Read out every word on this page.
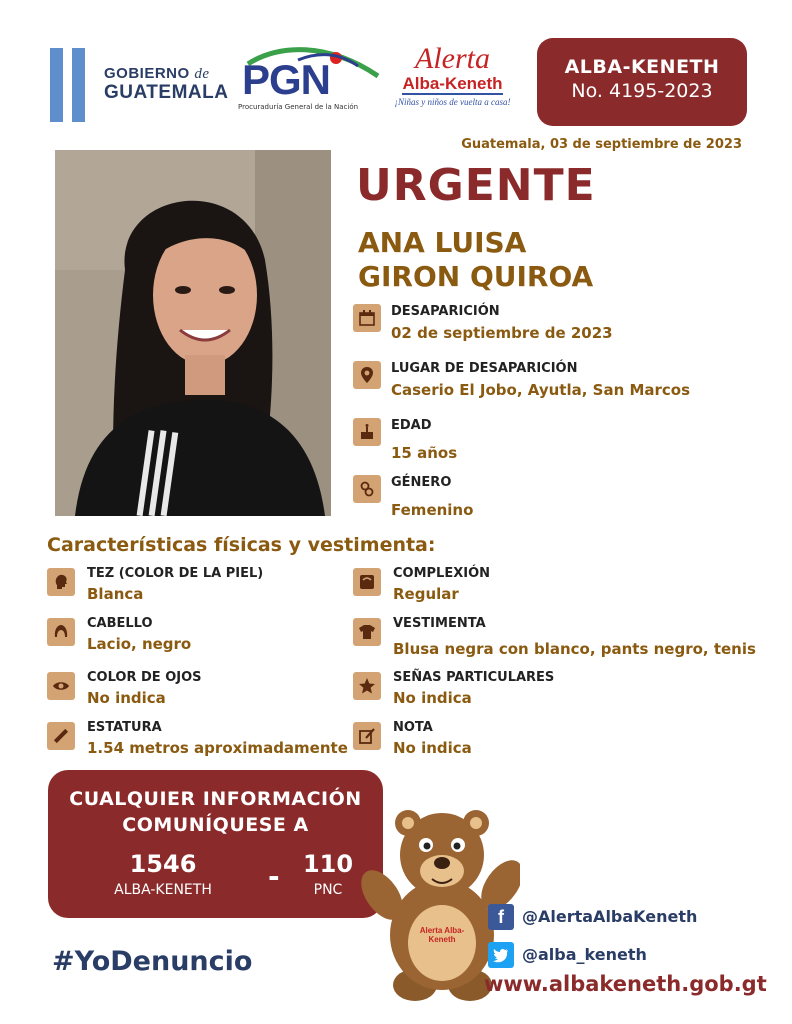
GOBIERNO de
GUATEMALA PGN
Procuraduría General de la Nación
Alerta
Alba-Keneth
¡Niñas y niños de vuelta a casa!
ALBA-KENETH
No. 4195-2023
Guatemala, 03 de septiembre de 2023
URGENTE
ANA LUISA
GIRON QUIROA
DESAPARICIÓN
02 de septiembre de 2023
LUGAR DE DESAPARICIÓN
Caserio El Jobo, Ayutla, San Marcos
EDAD
15 años
GÉNERO
Femenino
Características físicas y vestimenta:
TEZ (COLOR DE LA PIEL)
Blanca
CABELLO
Lacio, negro
COLOR DE OJOS
No indica
ESTATURA
1.54 metros aproximadamente
COMPLEXIÓN
Regular
VESTIMENTA
Blusa negra con blanco, pants negro, tenis
SEÑAS PARTICULARES
No indica
NOTA
No indica
CUALQUIER INFORMACIÓN
COMUNÍQUESE A
1546
ALBA-KENETH	- 110
PNC
#YoDenuncio
Alerta Alba-Keneth
f	@AlertaAlbaKeneth
@alba_keneth
www.albakeneth.gob.gt
